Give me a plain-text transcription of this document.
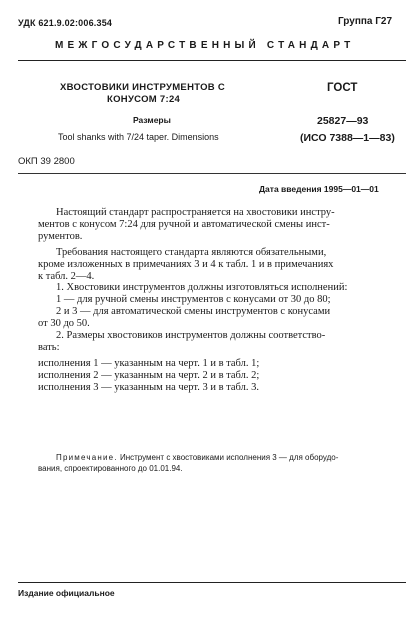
УДК 621.9.02:006.354	Группа Г27
МЕЖГОСУДАРСТВЕННЫЙ СТАНДАРТ
ХВОСТОВИКИ ИНСТРУМЕНТОВ С
КОНУСОМ 7:24
Размеры
Tool shanks with 7/24 taper. Dimensions
ГОСТ
25827—93
(ИСО 7388—1—83)
ОКП 39 2800
Дата введения 1995—01—01

Настоящий стандарт распространяется на хвостовики инстру-

ментов с конусом 7:24 для ручной и автоматической смены инст-

рументов.

Требования настоящего стандарта являются обязательными,

кроме изложенных в примечаниях 3 и 4 к табл. 1 и в примечаниях

к табл. 2—4.

1. Хвостовики инструментов должны изготовляться исполнений:

1 — для ручной смены инструментов с конусами от 30 до 80;

2 и 3 — для автоматической смены инструментов с конусами

от 30 до 50.

2. Размеры хвостовиков инструментов должны соответство-

вать:

исполнения 1 — указанным на черт. 1 и в табл. 1;

исполнения 2 — указанным на черт. 2 и в табл. 2;

исполнения 3 — указанным на черт. 3 и в табл. 3.

Примечание. Инструмент с хвостовиками исполнения 3 — для оборудо-
вания, спроектированного до 01.01.94.
Издание официальное
